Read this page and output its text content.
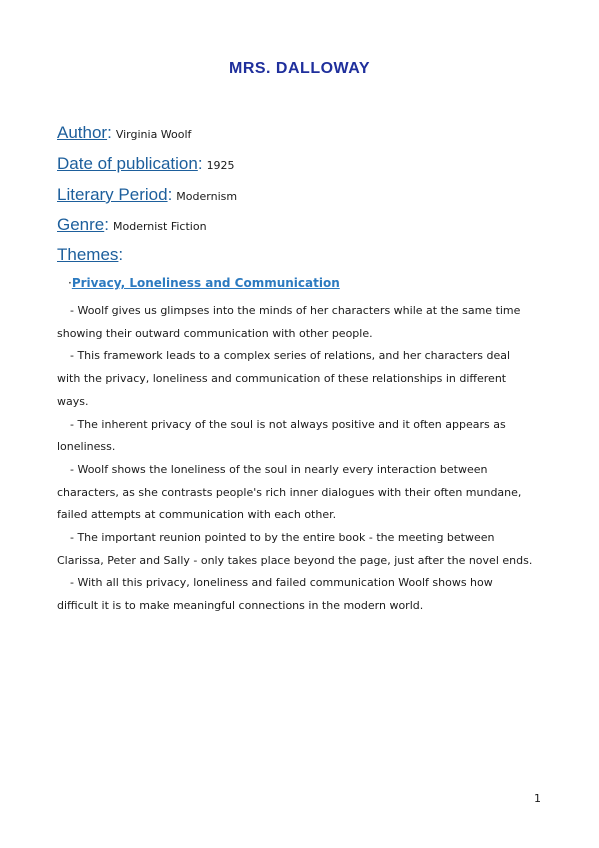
MRS. DALLOWAY
Author: Virginia Woolf
Date of publication: 1925
Literary Period: Modernism
Genre: Modernist Fiction
Themes:
·Privacy, Loneliness and Communication

- Woolf gives us glimpses into the minds of her characters while at the same time showing their outward communication with other people.

- This framework leads to a complex series of relations, and her characters deal with the privacy, loneliness and communication of these relationships in different ways.

- The inherent privacy of the soul is not always positive and it often appears as loneliness.

- Woolf shows the loneliness of the soul in nearly every interaction between characters, as she contrasts people's rich inner dialogues with their often mundane, failed attempts at communication with each other.

- The important reunion pointed to by the entire book - the meeting between Clarissa, Peter and Sally - only takes place beyond the page, just after the novel ends.

- With all this privacy, loneliness and failed communication Woolf shows how difficult it is to make meaningful connections in the modern world.

1
